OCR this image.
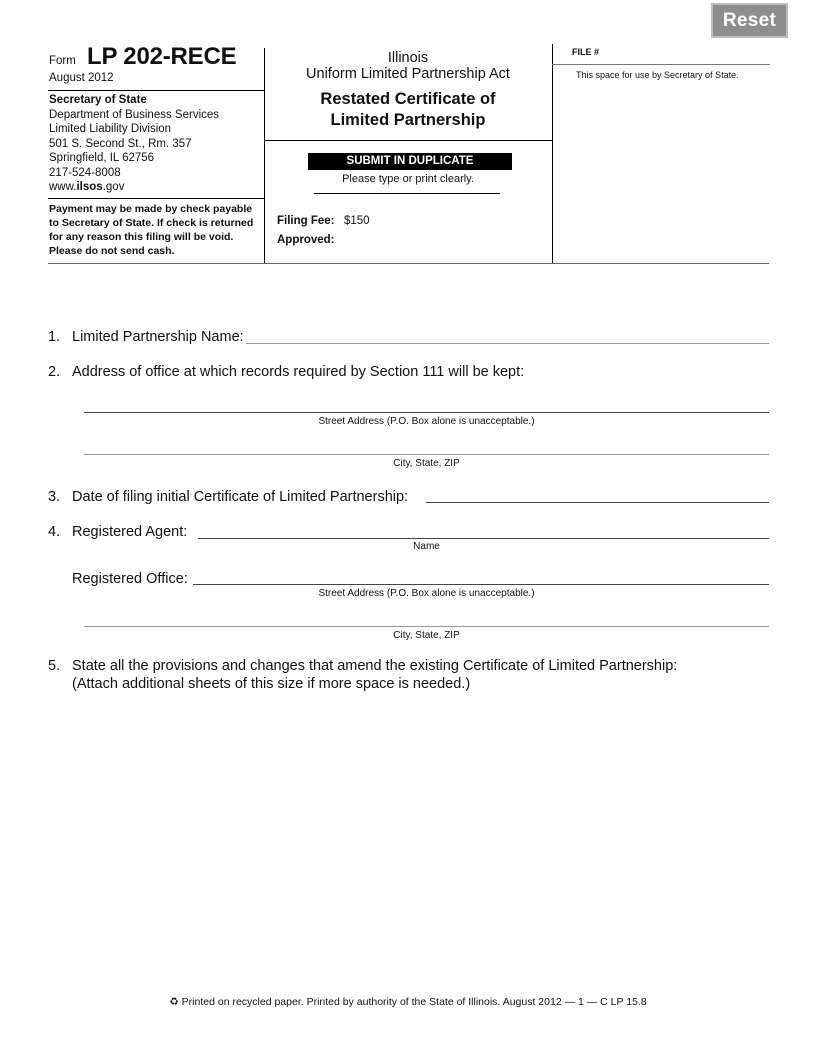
Reset
Form LP 202-RECE
August 2012
Secretary of State
Department of Business Services
Limited Liability Division
501 S. Second St., Rm. 357
Springfield, IL 62756
217-524-8008
www.ilsos.gov
Payment may be made by check payable to Secretary of State. If check is returned for any reason this filing will be void. Please do not send cash.
Illinois
Uniform Limited Partnership Act
Restated Certificate of
Limited Partnership
SUBMIT IN DUPLICATE
Please type or print clearly.
Filing Fee: $150
Approved:
FILE #
This space for use by Secretary of State.
1. Limited Partnership Name:
2. Address of office at which records required by Section 111 will be kept:
Street Address (P.O. Box alone is unacceptable.)
City, State, ZIP
3. Date of filing initial Certificate of Limited Partnership:
4. Registered Agent:
Name
Registered Office:
Street Address (P.O. Box alone is unacceptable.)
City, State, ZIP
5. State all the provisions and changes that amend the existing Certificate of Limited Partnership:
(Attach additional sheets of this size if more space is needed.)
♻ Printed on recycled paper. Printed by authority of the State of Illinois. August 2012 — 1 — C LP 15.8
